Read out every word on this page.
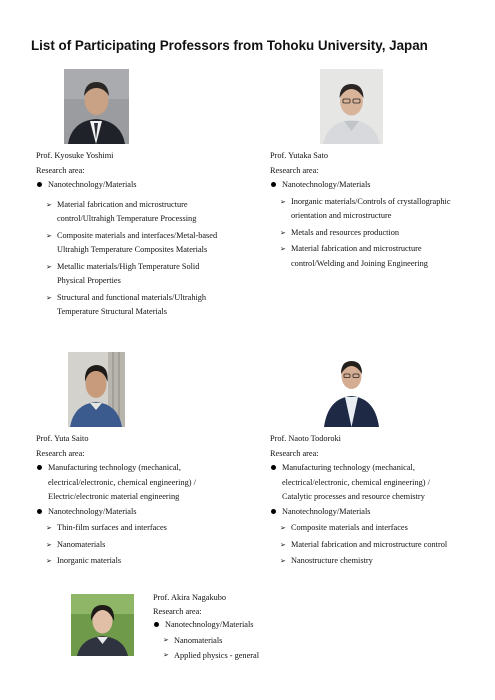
List of Participating Professors from Tohoku University, Japan
Prof. Kyosuke Yoshimi
Research area:
Nanotechnology/Materials
➢ Material fabrication and microstructure
control/Ultrahigh Temperature Processing
➢ Composite materials and interfaces/Metal-based
Ultrahigh Temperature Composites Materials
➢ Metallic materials/High Temperature Solid
Physical Properties
➢ Structural and functional materials/Ultrahigh
Temperature Structural Materials
Prof. Yutaka Sato
Research area:
Nanotechnology/Materials
➢ Inorganic materials/Controls of crystallographic
orientation and microstructure
➢ Metals and resources production
➢ Material fabrication and microstructure
control/Welding and Joining Engineering
Prof. Yuta Saito
Research area:
Manufacturing technology (mechanical,
electrical/electronic, chemical engineering) /
Electric/electronic material engineering
Nanotechnology/Materials
➢ Thin-film surfaces and interfaces
➢ Nanomaterials
➢ Inorganic materials
Prof. Naoto Todoroki
Research area:
Manufacturing technology (mechanical,
electrical/electronic, chemical engineering) /
Catalytic processes and resource chemistry
Nanotechnology/Materials
➢ Composite materials and interfaces
➢ Material fabrication and microstructure control
➢ Nanostructure chemistry
Prof. Akira Nagakubo
Research area:
Nanotechnology/Materials
➢ Nanomaterials
➢ Applied physics - general
